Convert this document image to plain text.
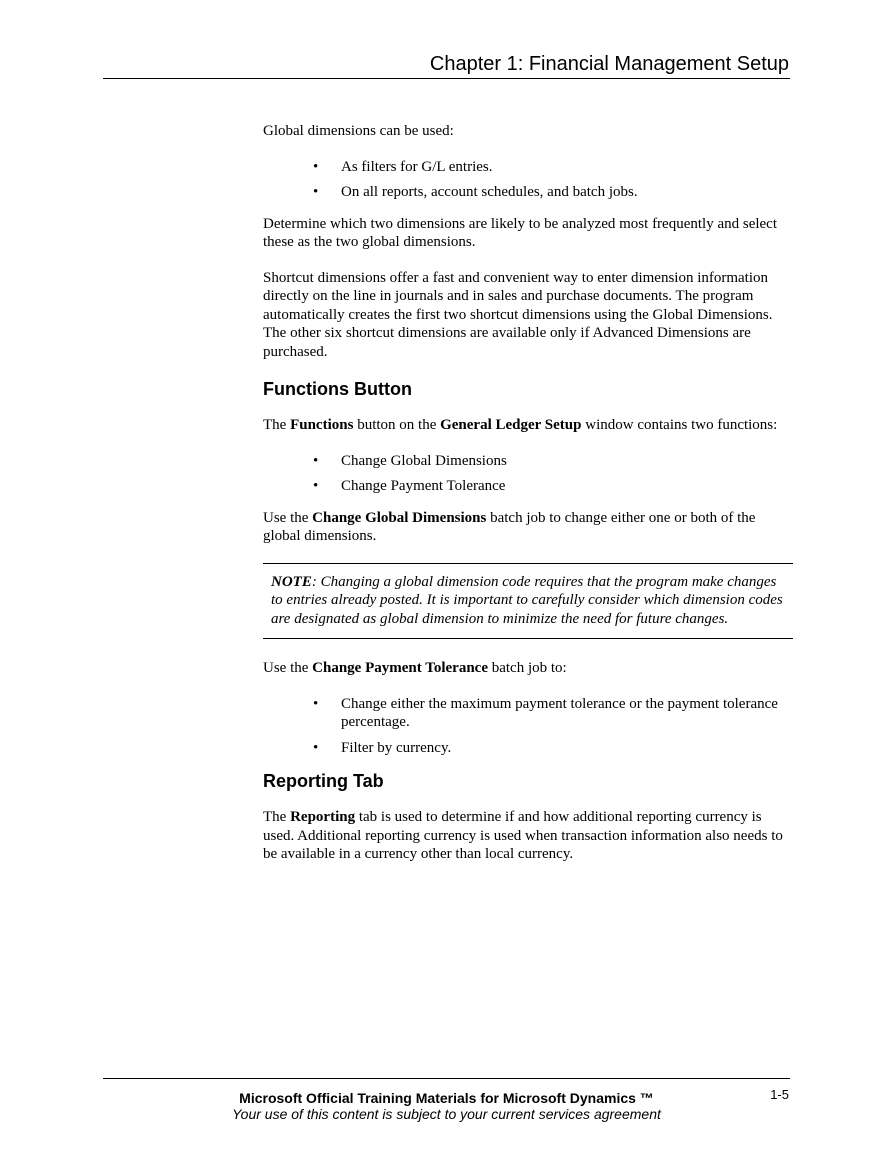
Chapter 1: Financial Management Setup

Global dimensions can be used:

• As filters for G/L entries.
• On all reports, account schedules, and batch jobs.

Determine which two dimensions are likely to be analyzed most frequently and select these as the two global dimensions.

Shortcut dimensions offer a fast and convenient way to enter dimension information directly on the line in journals and in sales and purchase documents. The program automatically creates the first two shortcut dimensions using the Global Dimensions. The other six shortcut dimensions are available only if Advanced Dimensions are purchased.

Functions Button

The Functions button on the General Ledger Setup window contains two functions:

• Change Global Dimensions
• Change Payment Tolerance

Use the Change Global Dimensions batch job to change either one or both of the global dimensions.

NOTE: Changing a global dimension code requires that the program make changes to entries already posted. It is important to carefully consider which dimension codes are designated as global dimension to minimize the need for future changes.

Use the Change Payment Tolerance batch job to:

• Change either the maximum payment tolerance or the payment tolerance percentage.
• Filter by currency.
Reporting Tab

The Reporting tab is used to determine if and how additional reporting currency is used. Additional reporting currency is used when transaction information also needs to be available in a currency other than local currency.

Microsoft Official Training Materials for Microsoft Dynamics ™
Your use of this content is subject to your current services agreement
1-5
